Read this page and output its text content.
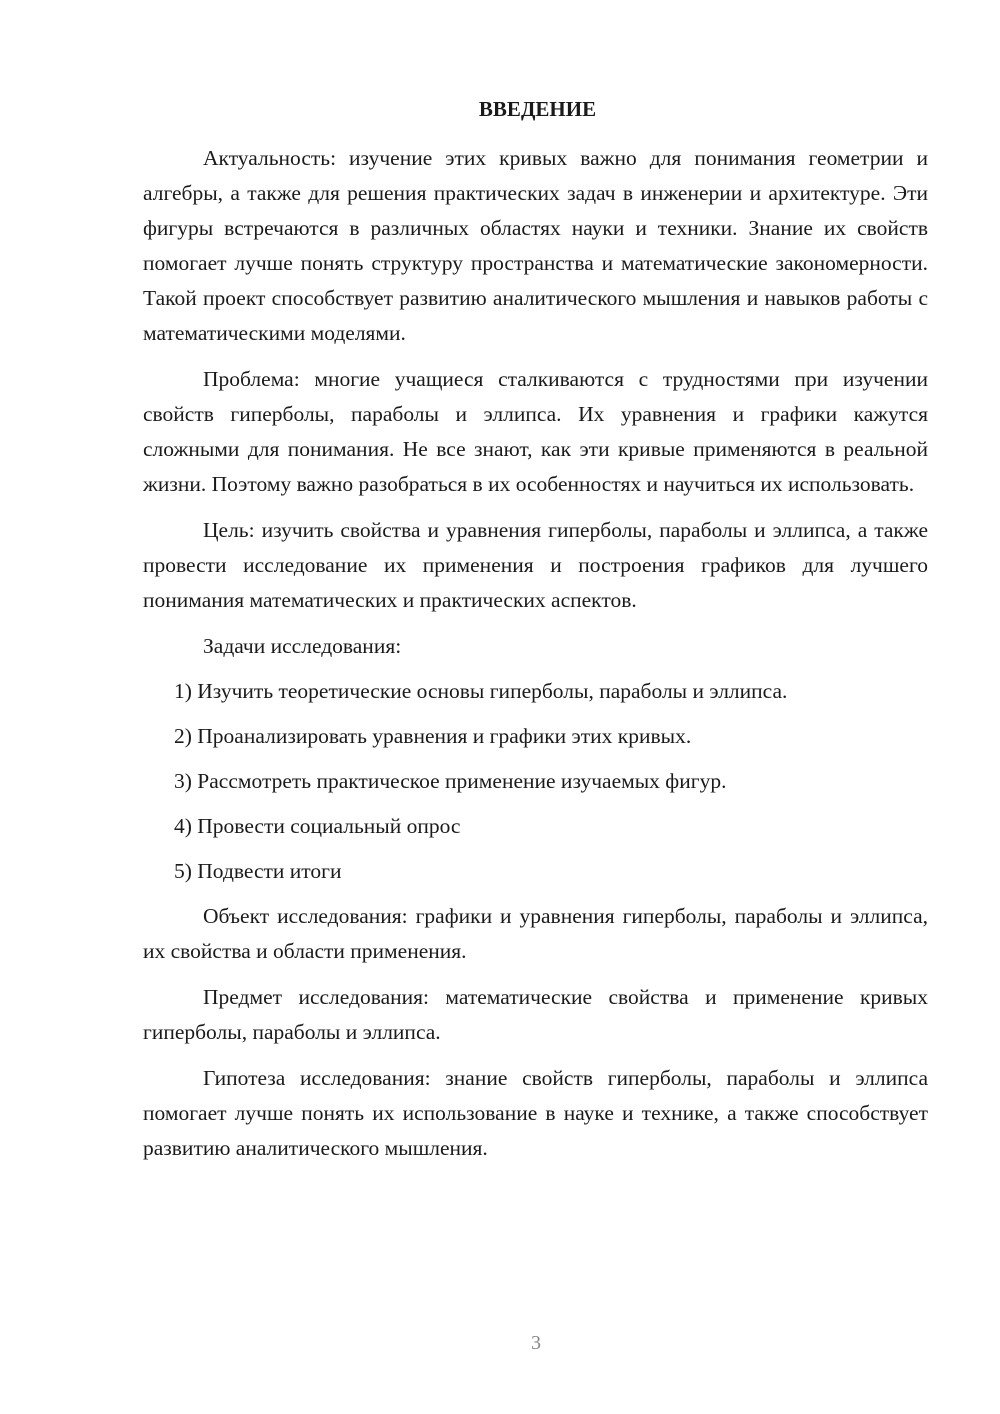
ВВЕДЕНИЕ

Актуальность: изучение этих кривых важно для понимания геометрии и алгебры, а также для решения практических задач в инженерии и архитектуре. Эти фигуры встречаются в различных областях науки и техники. Знание их свойств помогает лучше понять структуру пространства и математические закономерности. Такой проект способствует развитию аналитического мышления и навыков работы с математическими моделями.

Проблема: многие учащиеся сталкиваются с трудностями при изучении свойств гиперболы, параболы и эллипса. Их уравнения и графики кажутся сложными для понимания. Не все знают, как эти кривые применяются в реальной жизни. Поэтому важно разобраться в их особенностях и научиться их использовать.

Цель: изучить свойства и уравнения гиперболы, параболы и эллипса, а также провести исследование их применения и построения графиков для лучшего понимания математических и практических аспектов.

Задачи исследования:

1) Изучить теоретические основы гиперболы, параболы и эллипса.
2) Проанализировать уравнения и графики этих кривых.
3) Рассмотреть практическое применение изучаемых фигур.
4) Провести социальный опрос
5) Подвести итоги

Объект исследования: графики и уравнения гиперболы, параболы и эллипса, их свойства и области применения.

Предмет исследования: математические свойства и применение кривых гиперболы, параболы и эллипса.

Гипотеза исследования: знание свойств гиперболы, параболы и эллипса помогает лучше понять их использование в науке и технике, а также способствует развитию аналитического мышления.

3
